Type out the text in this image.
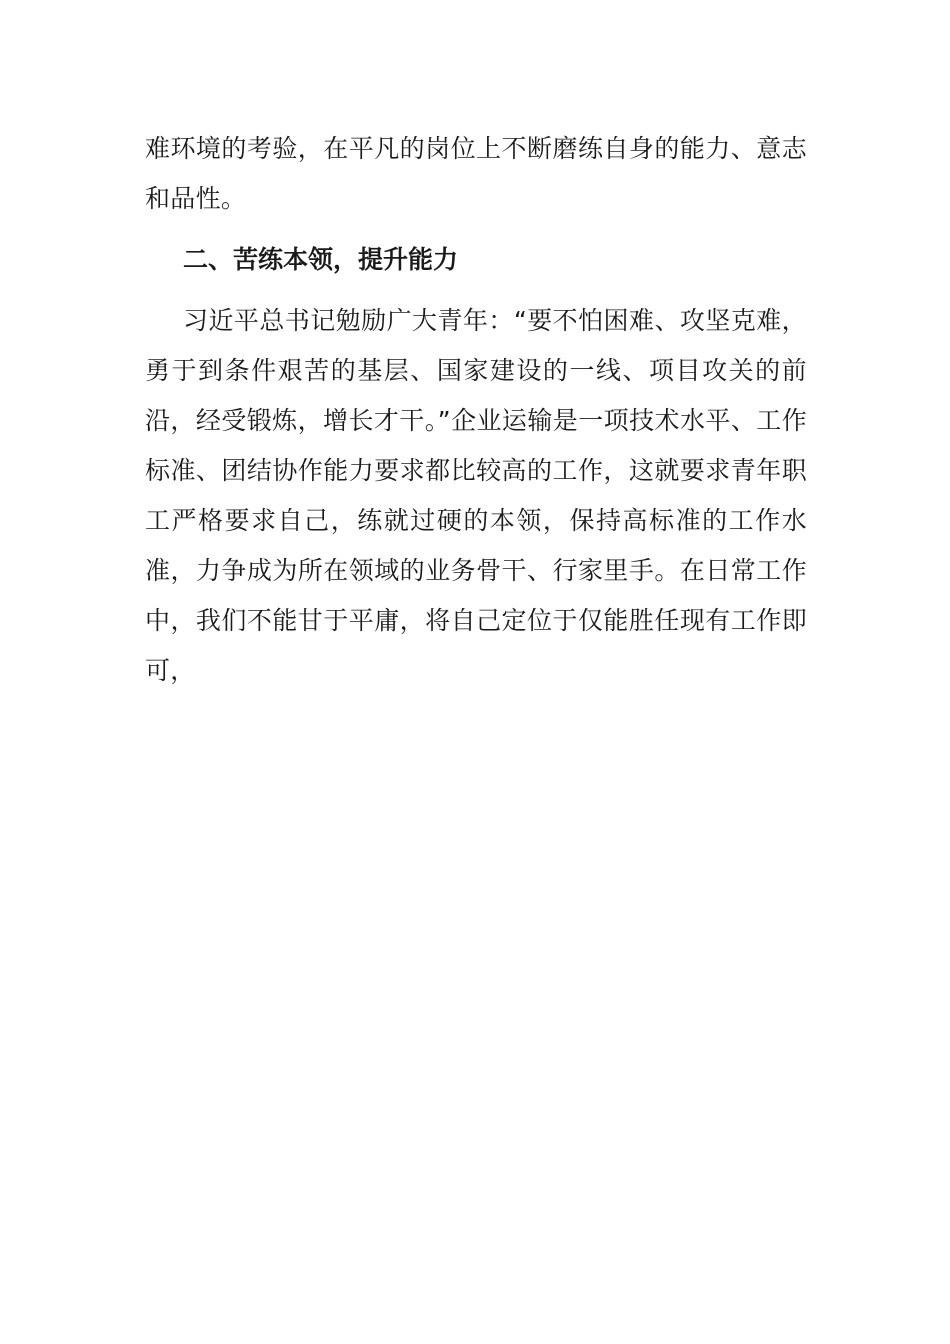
难环境的考验，在平凡的岗位上不断磨练自身的能力、意志和品性。

二、苦练本领，提升能力

习近平总书记勉励广大青年：“要不怕困难、攻坚克难，勇于到条件艰苦的基层、国家建设的一线、项目攻关的前沿，经受锻炼，增长才干。”企业运输是一项技术水平、工作标准、团结协作能力要求都比较高的工作，这就要求青年职工严格要求自己，练就过硬的本领，保持高标准的工作水准，力争成为所在领域的业务骨干、行家里手。在日常工作中，我们不能甘于平庸，将自己定位于仅能胜任现有工作即可，
